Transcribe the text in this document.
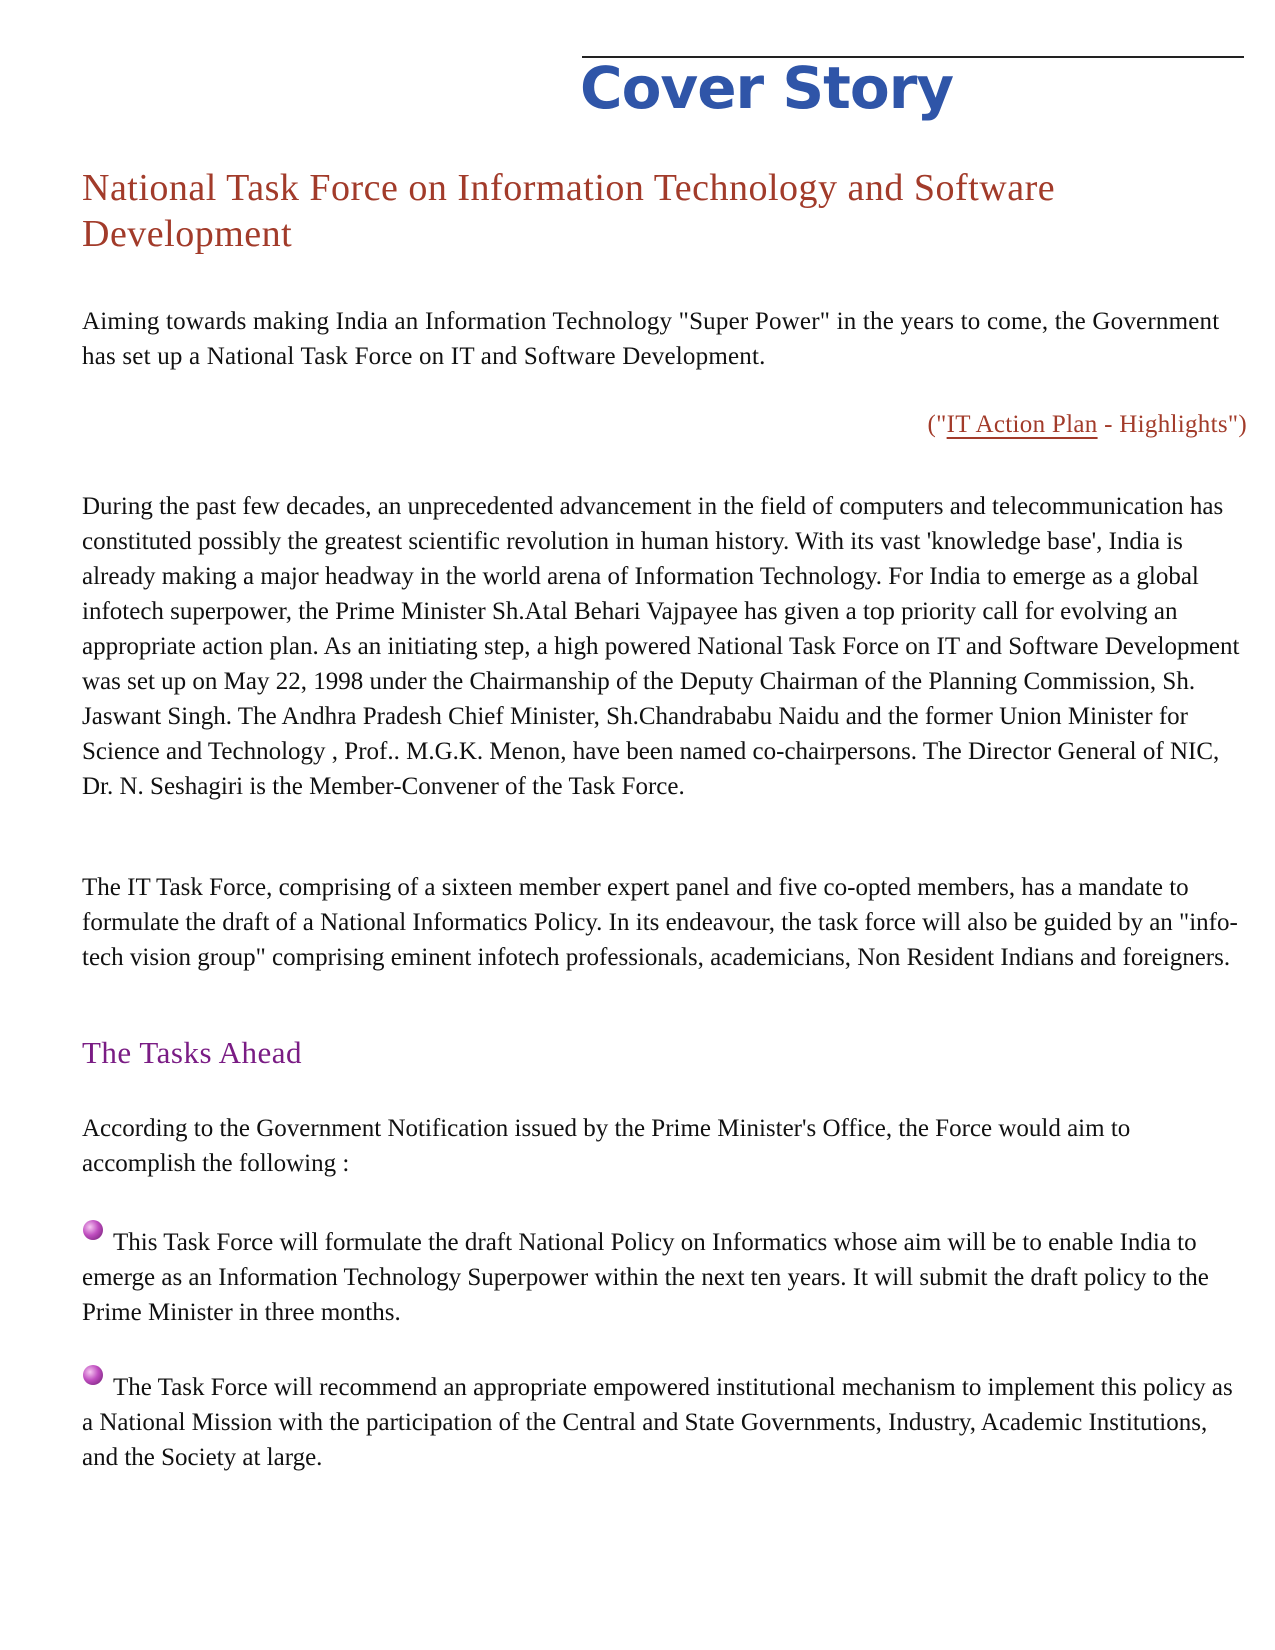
Cover Story
National Task Force on Information Technology and Software Development

Aiming towards making India an Information Technology "Super Power" in the years to come, the Government has set up a National Task Force on IT and Software Development.

("IT Action Plan - Highlights")

During the past few decades, an unprecedented advancement in the field of computers and telecommunication has constituted possibly the greatest scientific revolution in human history. With its vast 'knowledge base', India is already making a major headway in the world arena of Information Technology. For India to emerge as a global infotech superpower, the Prime Minister Sh.Atal Behari Vajpayee has given a top priority call for evolving an appropriate action plan. As an initiating step, a high powered National Task Force on IT and Software Development was set up on May 22, 1998 under the Chairmanship of the Deputy Chairman of the Planning Commission, Sh. Jaswant Singh. The Andhra Pradesh Chief Minister, Sh.Chandrababu Naidu and the former Union Minister for Science and Technology , Prof.. M.G.K. Menon, have been named co-chairpersons. The Director General of NIC, Dr. N. Seshagiri is the Member-Convener of the Task Force.

The IT Task Force, comprising of a sixteen member expert panel and five co-opted members, has a mandate to formulate the draft of a National Informatics Policy. In its endeavour, the task force will also be guided by an "info-tech vision group" comprising eminent infotech professionals, academicians, Non Resident Indians and foreigners.

The Tasks Ahead

According to the Government Notification issued by the Prime Minister's Office, the Force would aim to accomplish the following :

This Task Force will formulate the draft National Policy on Informatics whose aim will be to enable India to emerge as an Information Technology Superpower within the next ten years. It will submit the draft policy to the Prime Minister in three months.

The Task Force will recommend an appropriate empowered institutional mechanism to implement this policy as a National Mission with the participation of the Central and State Governments, Industry, Academic Institutions, and the Society at large.
